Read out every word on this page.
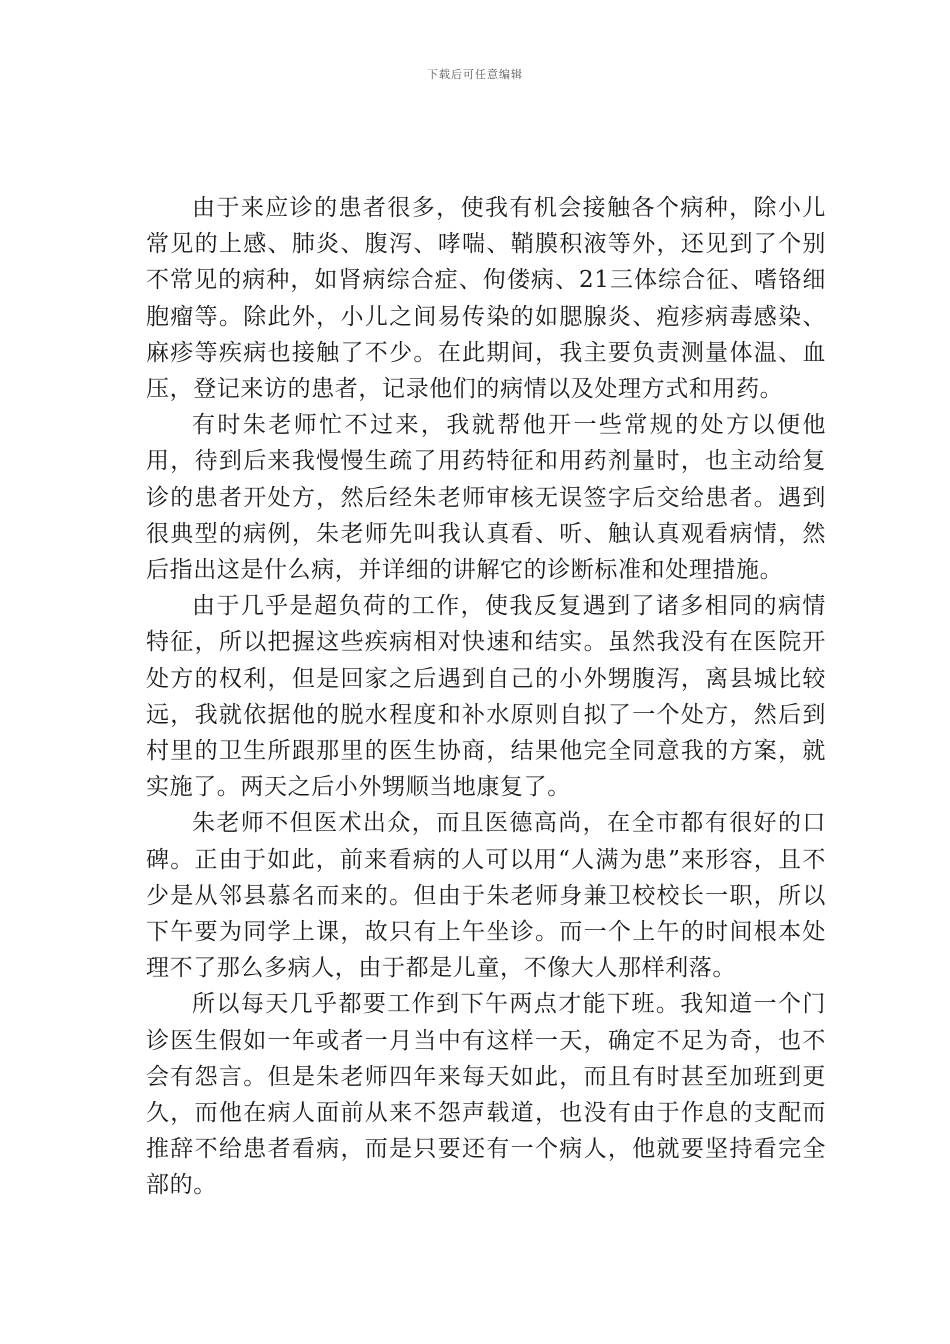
下载后可任意编辑

由于来应诊的患者很多，使我有机会接触各个病种，除小儿常见的上感、肺炎、腹泻、哮喘、鞘膜积液等外，还见到了个别不常见的病种，如肾病综合症、佝偻病、21三体综合征、嗜铬细胞瘤等。除此外，小儿之间易传染的如腮腺炎、疱疹病毒感染、麻疹等疾病也接触了不少。在此期间，我主要负责测量体温、血压，登记来访的患者，记录他们的病情以及处理方式和用药。

有时朱老师忙不过来，我就帮他开一些常规的处方以便他用，待到后来我慢慢生疏了用药特征和用药剂量时，也主动给复诊的患者开处方，然后经朱老师审核无误签字后交给患者。遇到很典型的病例，朱老师先叫我认真看、听、触认真观看病情，然后指出这是什么病，并详细的讲解它的诊断标准和处理措施。

由于几乎是超负荷的工作，使我反复遇到了诸多相同的病情特征，所以把握这些疾病相对快速和结实。虽然我没有在医院开处方的权利，但是回家之后遇到自己的小外甥腹泻，离县城比较远，我就依据他的脱水程度和补水原则自拟了一个处方，然后到村里的卫生所跟那里的医生协商，结果他完全同意我的方案，就实施了。两天之后小外甥顺当地康复了。

朱老师不但医术出众，而且医德高尚，在全市都有很好的口碑。正由于如此，前来看病的人可以用“人满为患”来形容，且不少是从邻县慕名而来的。但由于朱老师身兼卫校校长一职，所以下午要为同学上课，故只有上午坐诊。而一个上午的时间根本处理不了那么多病人，由于都是儿童，不像大人那样利落。

所以每天几乎都要工作到下午两点才能下班。我知道一个门诊医生假如一年或者一月当中有这样一天，确定不足为奇，也不会有怨言。但是朱老师四年来每天如此，而且有时甚至加班到更久，而他在病人面前从来不怨声载道，也没有由于作息的支配而推辞不给患者看病，而是只要还有一个病人，他就要坚持看完全部的。
